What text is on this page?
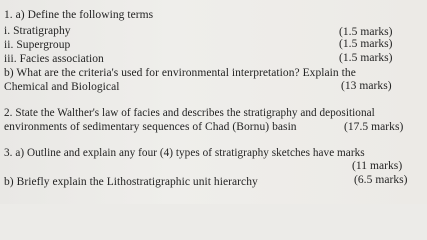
1. a) Define the following terms
i. Stratigraphy	(1.5 marks)
ii. Supergroup	(1.5 marks)
iii. Facies association	(1.5 marks)
b) What are the criteria's used for environmental interpretation? Explain the
Chemical and Biological	(13 marks)
2. State the Walther's law of facies and describes the stratigraphy and depositional
environments of sedimentary sequences of Chad (Bornu) basin	(17.5 marks)
3. a) Outline and explain any four (4) types of stratigraphy sketches have marks
(11 marks)
b) Briefly explain the Lithostratigraphic unit hierarchy	(6.5 marks)
